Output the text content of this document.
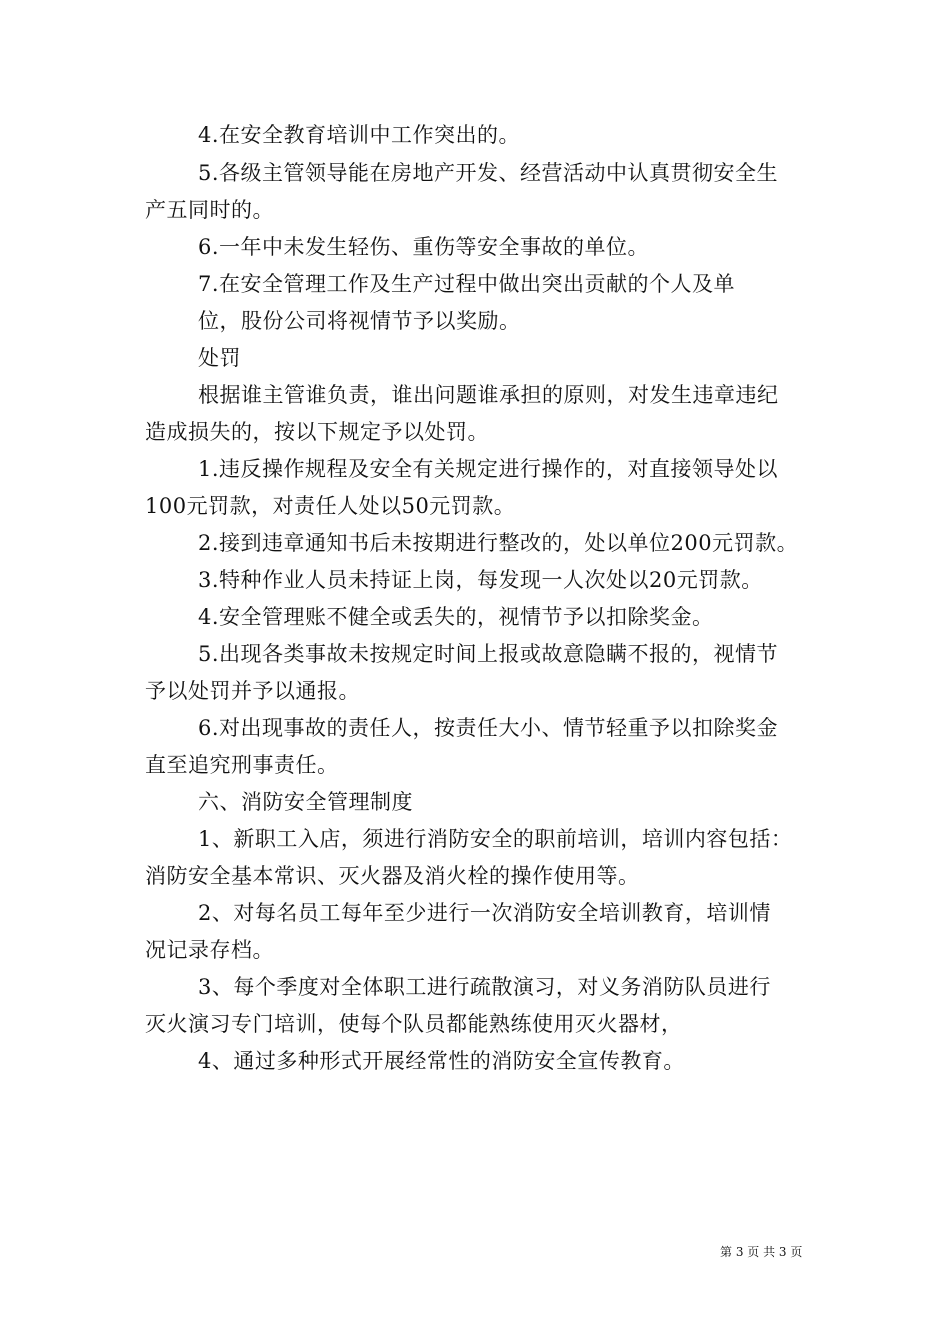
4.在安全教育培训中工作突出的。
5.各级主管领导能在房地产开发、经营活动中认真贯彻安全生
产五同时的。
6.一年中未发生轻伤、重伤等安全事故的单位。
7.在安全管理工作及生产过程中做出突出贡献的个人及单
位，股份公司将视情节予以奖励。
处罚
根据谁主管谁负责，谁出问题谁承担的原则，对发生违章违纪
造成损失的，按以下规定予以处罚。
1.违反操作规程及安全有关规定进行操作的，对直接领导处以
100元罚款，对责任人处以50元罚款。
2.接到违章通知书后未按期进行整改的，处以单位200元罚款。
3.特种作业人员未持证上岗，每发现一人次处以20元罚款。
4.安全管理账不健全或丢失的，视情节予以扣除奖金。
5.出现各类事故未按规定时间上报或故意隐瞒不报的，视情节
予以处罚并予以通报。
6.对出现事故的责任人，按责任大小、情节轻重予以扣除奖金
直至追究刑事责任。
六、消防安全管理制度
1、新职工入店，须进行消防安全的职前培训，培训内容包括：
消防安全基本常识、灭火器及消火栓的操作使用等。
2、对每名员工每年至少进行一次消防安全培训教育，培训情
况记录存档。
3、每个季度对全体职工进行疏散演习，对义务消防队员进行
灭火演习专门培训，使每个队员都能熟练使用灭火器材，
4、通过多种形式开展经常性的消防安全宣传教育。
第 3 页 共 3 页
